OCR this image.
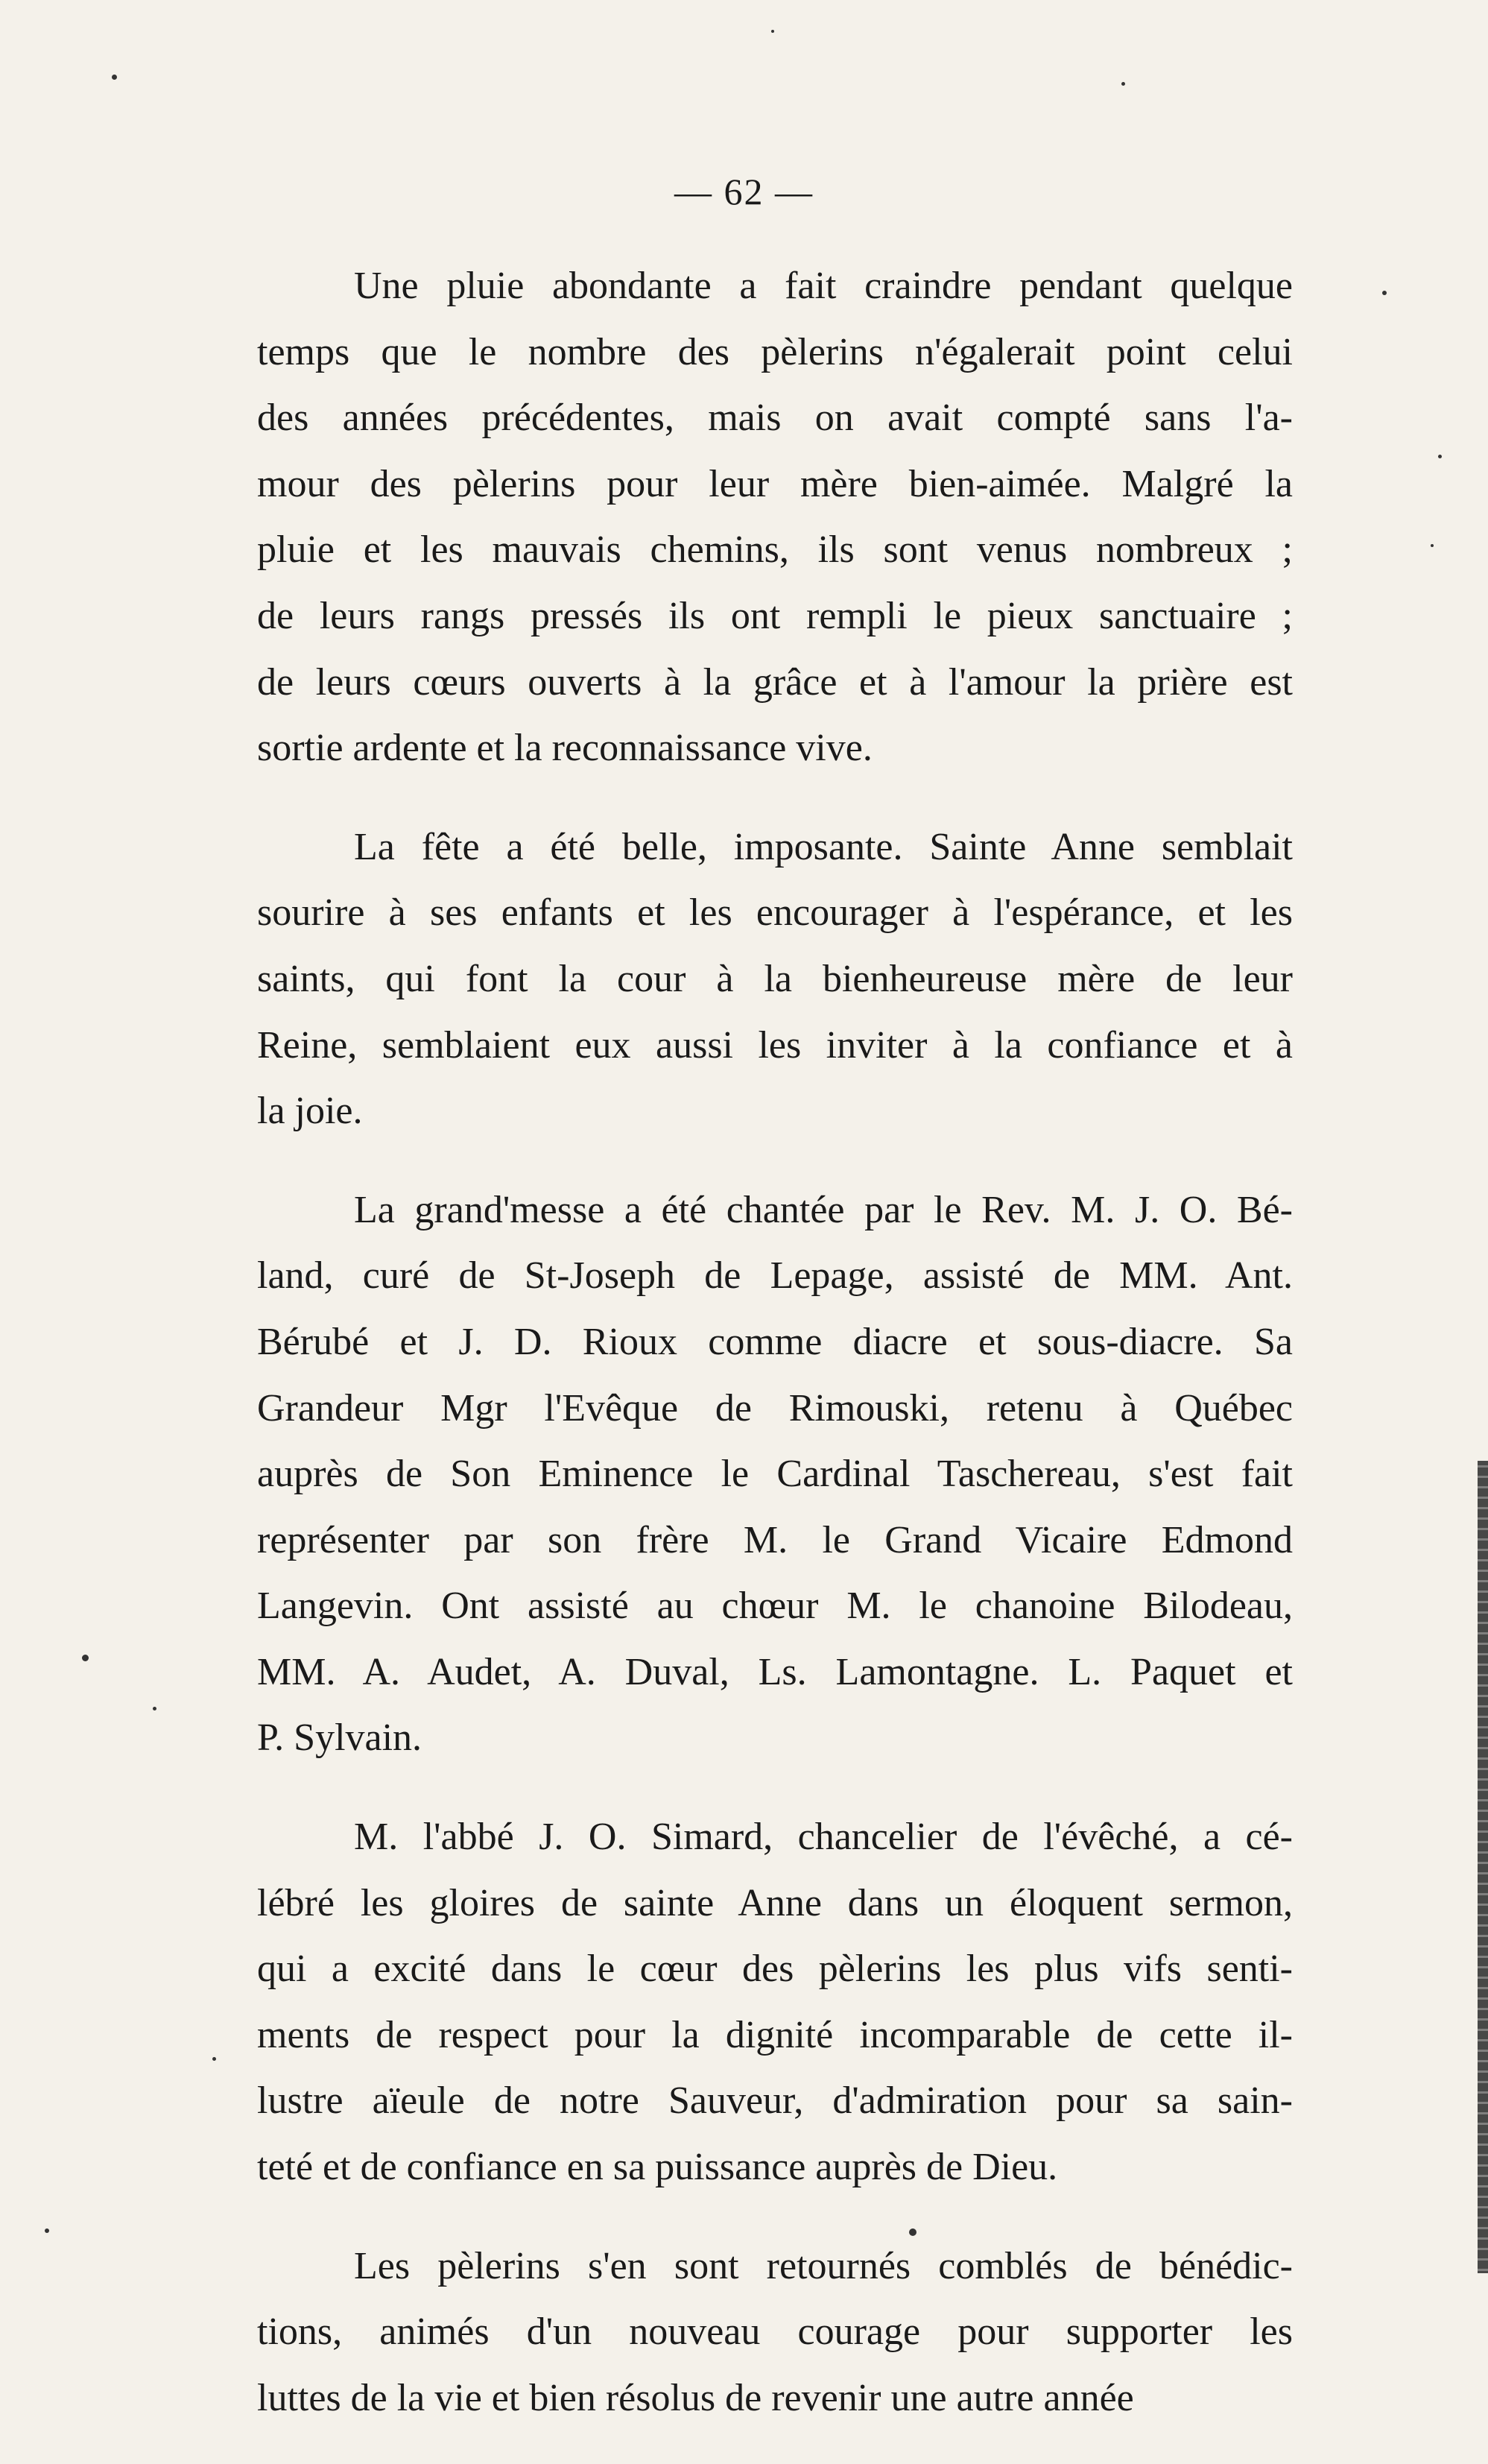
— 62 —

Une pluie abondante a fait craindre pendant quelque
temps que le nombre des pèlerins n'égalerait point celui
des années précédentes, mais on avait compté sans l'a-
mour des pèlerins pour leur mère bien-aimée. Malgré la
pluie et les mauvais chemins, ils sont venus nombreux ;
de leurs rangs pressés ils ont rempli le pieux sanctuaire ;
de leurs cœurs ouverts à la grâce et à l'amour la prière est
sortie ardente et la reconnaissance vive.

La fête a été belle, imposante. Sainte Anne semblait
sourire à ses enfants et les encourager à l'espérance, et les
saints, qui font la cour à la bienheureuse mère de leur
Reine, semblaient eux aussi les inviter à la confiance et à
la joie.

La grand'messe a été chantée par le Rev. M. J. O. Bé-
land, curé de St-Joseph de Lepage, assisté de MM. Ant.
Bérubé et J. D. Rioux comme diacre et sous-diacre. Sa
Grandeur Mgr l'Evêque de Rimouski, retenu à Québec
auprès de Son Eminence le Cardinal Taschereau, s'est fait
représenter par son frère M. le Grand Vicaire Edmond
Langevin. Ont assisté au chœur M. le chanoine Bilodeau,
MM. A. Audet, A. Duval, Ls. Lamontagne. L. Paquet et
P. Sylvain.

M. l'abbé J. O. Simard, chancelier de l'évêché, a cé-
lébré les gloires de sainte Anne dans un éloquent sermon,
qui a excité dans le cœur des pèlerins les plus vifs senti-
ments de respect pour la dignité incomparable de cette il-
lustre aïeule de notre Sauveur, d'admiration pour sa sain-
teté et de confiance en sa puissance auprès de Dieu.

Les pèlerins s'en sont retournés comblés de bénédic-
tions, animés d'un nouveau courage pour supporter les
luttes de la vie et bien résolus de revenir une autre année
